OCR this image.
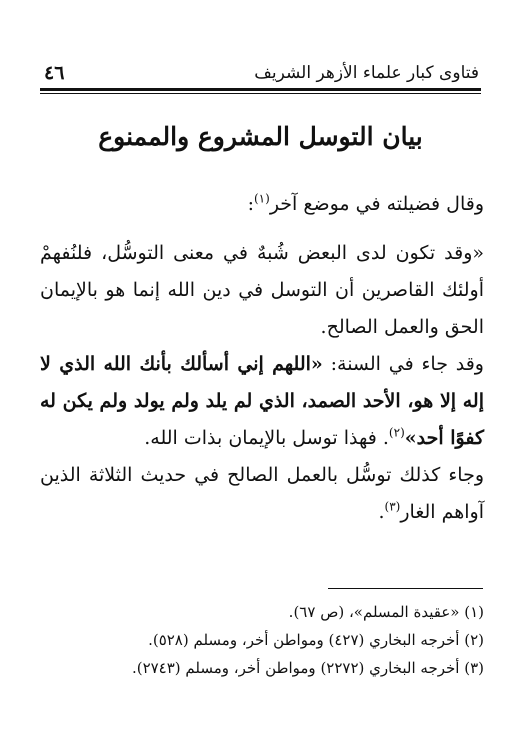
٤٦	فتاوى كبار علماء الأزهر الشريف
بيان التوسل المشروع والممنوع

وقال فضيلته في موضع آخر$^{(١)}$:

«وقد تكون لدى البعض شُبهٌ في معنى التوسُّل، فلنُفهمْ أولئك القاصرين أن التوسل في دين الله إنما هو بالإيمان الحق والعمل الصالح.

وقد جاء في السنة: «اللهم إني أسألك بأنك الله الذي لا إله إلا هو، الأحد الصمد، الذي لم يلد ولم يولد ولم يكن له كفوًا أحد»$^{(٢)}$. فهذا توسل بالإيمان بذات الله.

وجاء كذلك توسُّل بالعمل الصالح في حديث الثلاثة الذين آواهم الغار$^{(٣)}$.

(١) «عقيدة المسلم»، (ص ٦٧).
(٢) أخرجه البخاري (٤٢٧) ومواطن أخر، ومسلم (٥٢٨).
(٣) أخرجه البخاري (٢٢٧٢) ومواطن أخر، ومسلم (٢٧٤٣).
